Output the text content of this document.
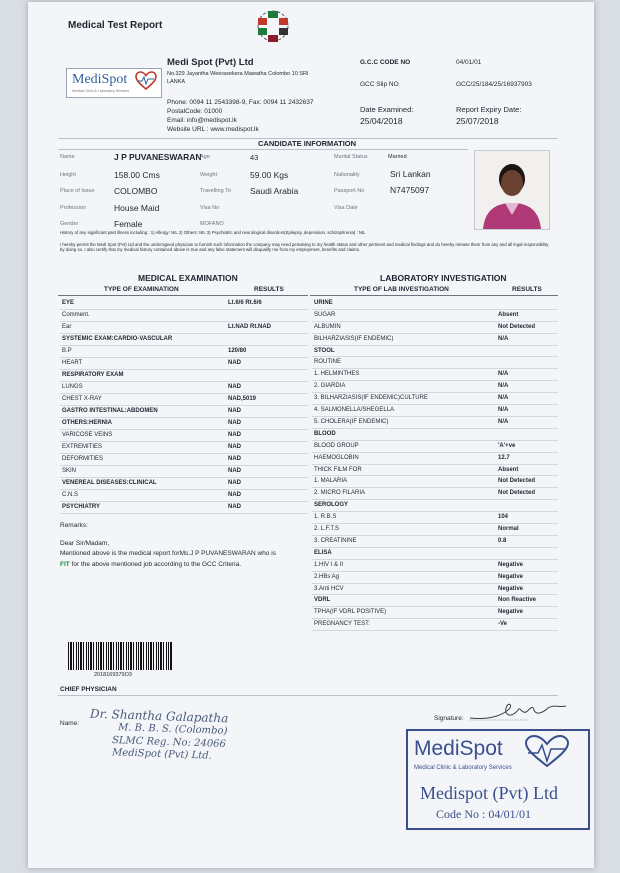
Medical Test Report
MediSpot
Medical Clinic & Laboratory Services
Medi Spot (Pvt) Ltd
No.329 Jayantha Weerasekera Mawatha Colombo 10 SRI
LANKA
Phone: 0094 11 2543398-9, Fax: 0094 11 2432637
PostalCode: 01000
Email: info@medispot.lk
Website URL : www.medispot.lk
G.C.C CODE NO	04/01/01
GCC Slip NO	GCC/25/184/25/16937903
Date Examined:
25/04/2018
Report Expiry Date:
25/07/2018
CANDIDATE INFORMATION
Name	J P PUVANESWARAN
Age	43	Marital Status	Married
Height	158.00 Cms	Weight	59.00 Kgs	Nationality	Sri Lankan
Place of Issue COLOMBO	Travelling To Saudi Arabia	Passport No	N7475097
Profession	House Maid	Visa No	Visa Date
Gender	Female	MOFANO
History of any significant past illness including : 1) Allergy: NIL 2) Others: NIL 3) Psychiatric and neurological disorders(Epilepsy, depression, schizophrenia) : NIL
I hereby permit the Medi Spot (Pvt) Ltd and the undersigned physician to furnish such information the company may need pertaining to my health status and other pertinent and medical findings and do hereby release them from any and all legal responsibility by doing so. I also certify that my medical history contained above is true and any false statement will disqualify me from my employment, benefits and claims.
MEDICAL EXAMINATION
TYPE OF EXAMINATION	RESULTS
EYE	Lt.6/6 Rt.6/6
Comment.
Ear	Lt.NAD Rt.NAD
SYSTEMIC EXAM:CARDIO-VASCULAR
B.P	120/80
HEART	NAD
RESPIRATORY EXAM
LUNGS	NAD
CHEST X-RAY	NAD,5019
GASTRO INTESTINAL:ABDOMEN	NAD
OTHERS:HERNIA	NAD
VARICOSE VEINS	NAD
EXTREMITIES	NAD
DEFORMITIES	NAD
SKIN	NAD
VENEREAL DISEASES:CLINICAL	NAD
C.N.S	NAD
PSYCHIATRY	NAD
LABORATORY INVESTIGATION
TYPE OF LAB INVESTIGATION	RESULTS
URINE
SUGAR	Absent
ALBUMIN	Not Detected
BILHARZIASIS(IF ENDEMIC)	N/A
STOOL
ROUTINE
1. HELMINTHES	N/A
2. GIARDIA	N/A
3. BILHARZIASIS(IF ENDEMIC)CULTURE	N/A
4. SALMONELLA/SHEGELLA	N/A
5. CHOLERA(IF ENDEMIC)	N/A
BLOOD
BLOOD GROUP	'A'+ve
HAEMOGLOBIN	12.7
THICK FILM FOR	Absent
1. MALARIA	Not Detected
2. MICRO FILARIA	Not Detected
SEROLOGY
1. R.B.S	104
2. L.F.T.S	Normal
3. CREATININE	0.8
ELISA
1.HIV I & II	Negative
2.HBs Ag	Negative
3.Anti HCV	Negative
VDRL	Non Reactive
TPHA(IF VDRL POSITIVE)	Negative
PREGNANCY TEST:	-Ve
Remarks:
Dear Sir/Madam,
Mentioned above is the medical report forMs.J P PUVANESWARAN who is
FIT for the above mentioned job according to the GCC Criteria.
2018169379O3
CHIEF PHYSICIAN
Name: Dr. Shantha Galapatha
M. B. B. S. (Colombo)
SLMC Reg. No: 24066
MediSpot (Pvt) Ltd.
Signature:
MediSpot
Medical Clinic & Laboratory Services
Medispot (Pvt) Ltd
Code No : 04/01/01
